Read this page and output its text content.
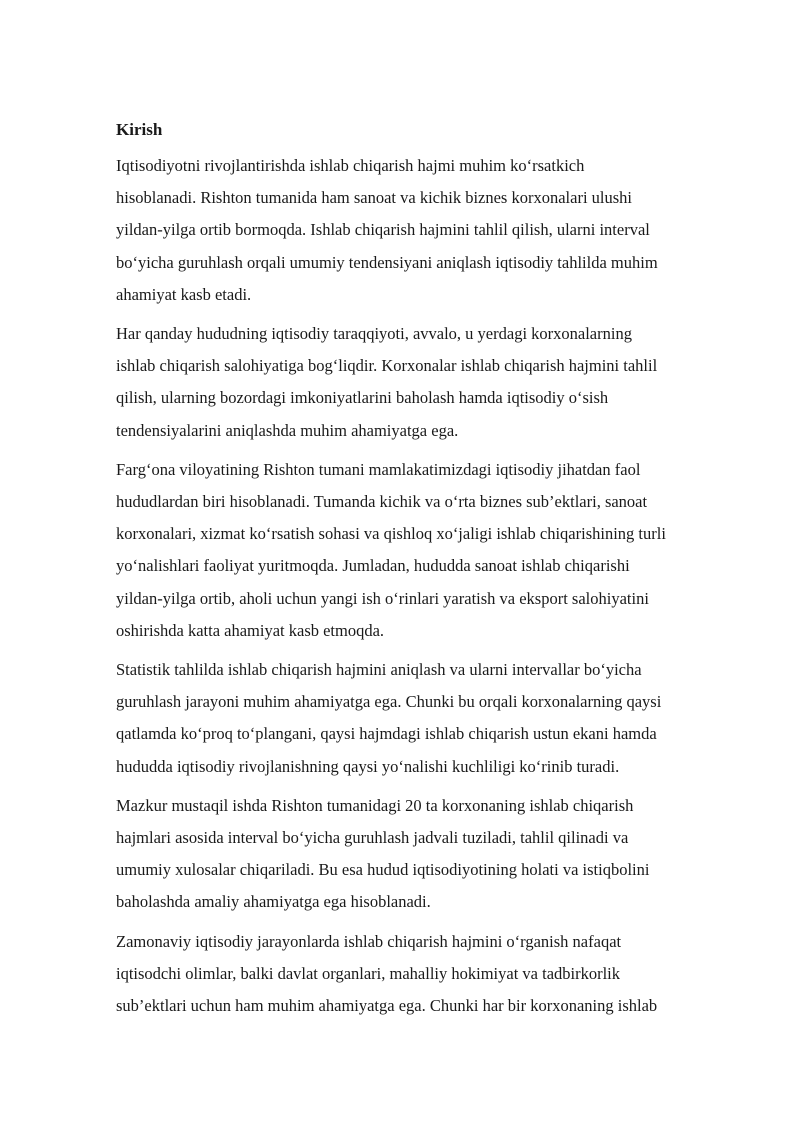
Kirish
Iqtisodiyotni rivojlantirishda ishlab chiqarish hajmi muhim ko‘rsatkich
hisoblanadi. Rishton tumanida ham sanoat va kichik biznes korxonalari ulushi
yildan-yilga ortib bormoqda. Ishlab chiqarish hajmini tahlil qilish, ularni interval
bo‘yicha guruhlash orqali umumiy tendensiyani aniqlash iqtisodiy tahlilda muhim
ahamiyat kasb etadi.
Har qanday hududning iqtisodiy taraqqiyoti, avvalo, u yerdagi korxonalarning
ishlab chiqarish salohiyatiga bog‘liqdir. Korxonalar ishlab chiqarish hajmini tahlil
qilish, ularning bozordagi imkoniyatlarini baholash hamda iqtisodiy o‘sish
tendensiyalarini aniqlashda muhim ahamiyatga ega.
Farg‘ona viloyatining Rishton tumani mamlakatimizdagi iqtisodiy jihatdan faol
hududlardan biri hisoblanadi. Tumanda kichik va o‘rta biznes sub’ektlari, sanoat
korxonalari, xizmat ko‘rsatish sohasi va qishloq xo‘jaligi ishlab chiqarishining turli
yo‘nalishlari faoliyat yuritmoqda. Jumladan, hududda sanoat ishlab chiqarishi
yildan-yilga ortib, aholi uchun yangi ish o‘rinlari yaratish va eksport salohiyatini
oshirishda katta ahamiyat kasb etmoqda.
Statistik tahlilda ishlab chiqarish hajmini aniqlash va ularni intervallar bo‘yicha
guruhlash jarayoni muhim ahamiyatga ega. Chunki bu orqali korxonalarning qaysi
qatlamda ko‘proq to‘plangani, qaysi hajmdagi ishlab chiqarish ustun ekani hamda
hududda iqtisodiy rivojlanishning qaysi yo‘nalishi kuchliligi ko‘rinib turadi.
Mazkur mustaqil ishda Rishton tumanidagi 20 ta korxonaning ishlab chiqarish
hajmlari asosida interval bo‘yicha guruhlash jadvali tuziladi, tahlil qilinadi va
umumiy xulosalar chiqariladi. Bu esa hudud iqtisodiyotining holati va istiqbolini
baholashda amaliy ahamiyatga ega hisoblanadi.
Zamonaviy iqtisodiy jarayonlarda ishlab chiqarish hajmini o‘rganish nafaqat
iqtisodchi olimlar, balki davlat organlari, mahalliy hokimiyat va tadbirkorlik
sub’ektlari uchun ham muhim ahamiyatga ega. Chunki har bir korxonaning ishlab
